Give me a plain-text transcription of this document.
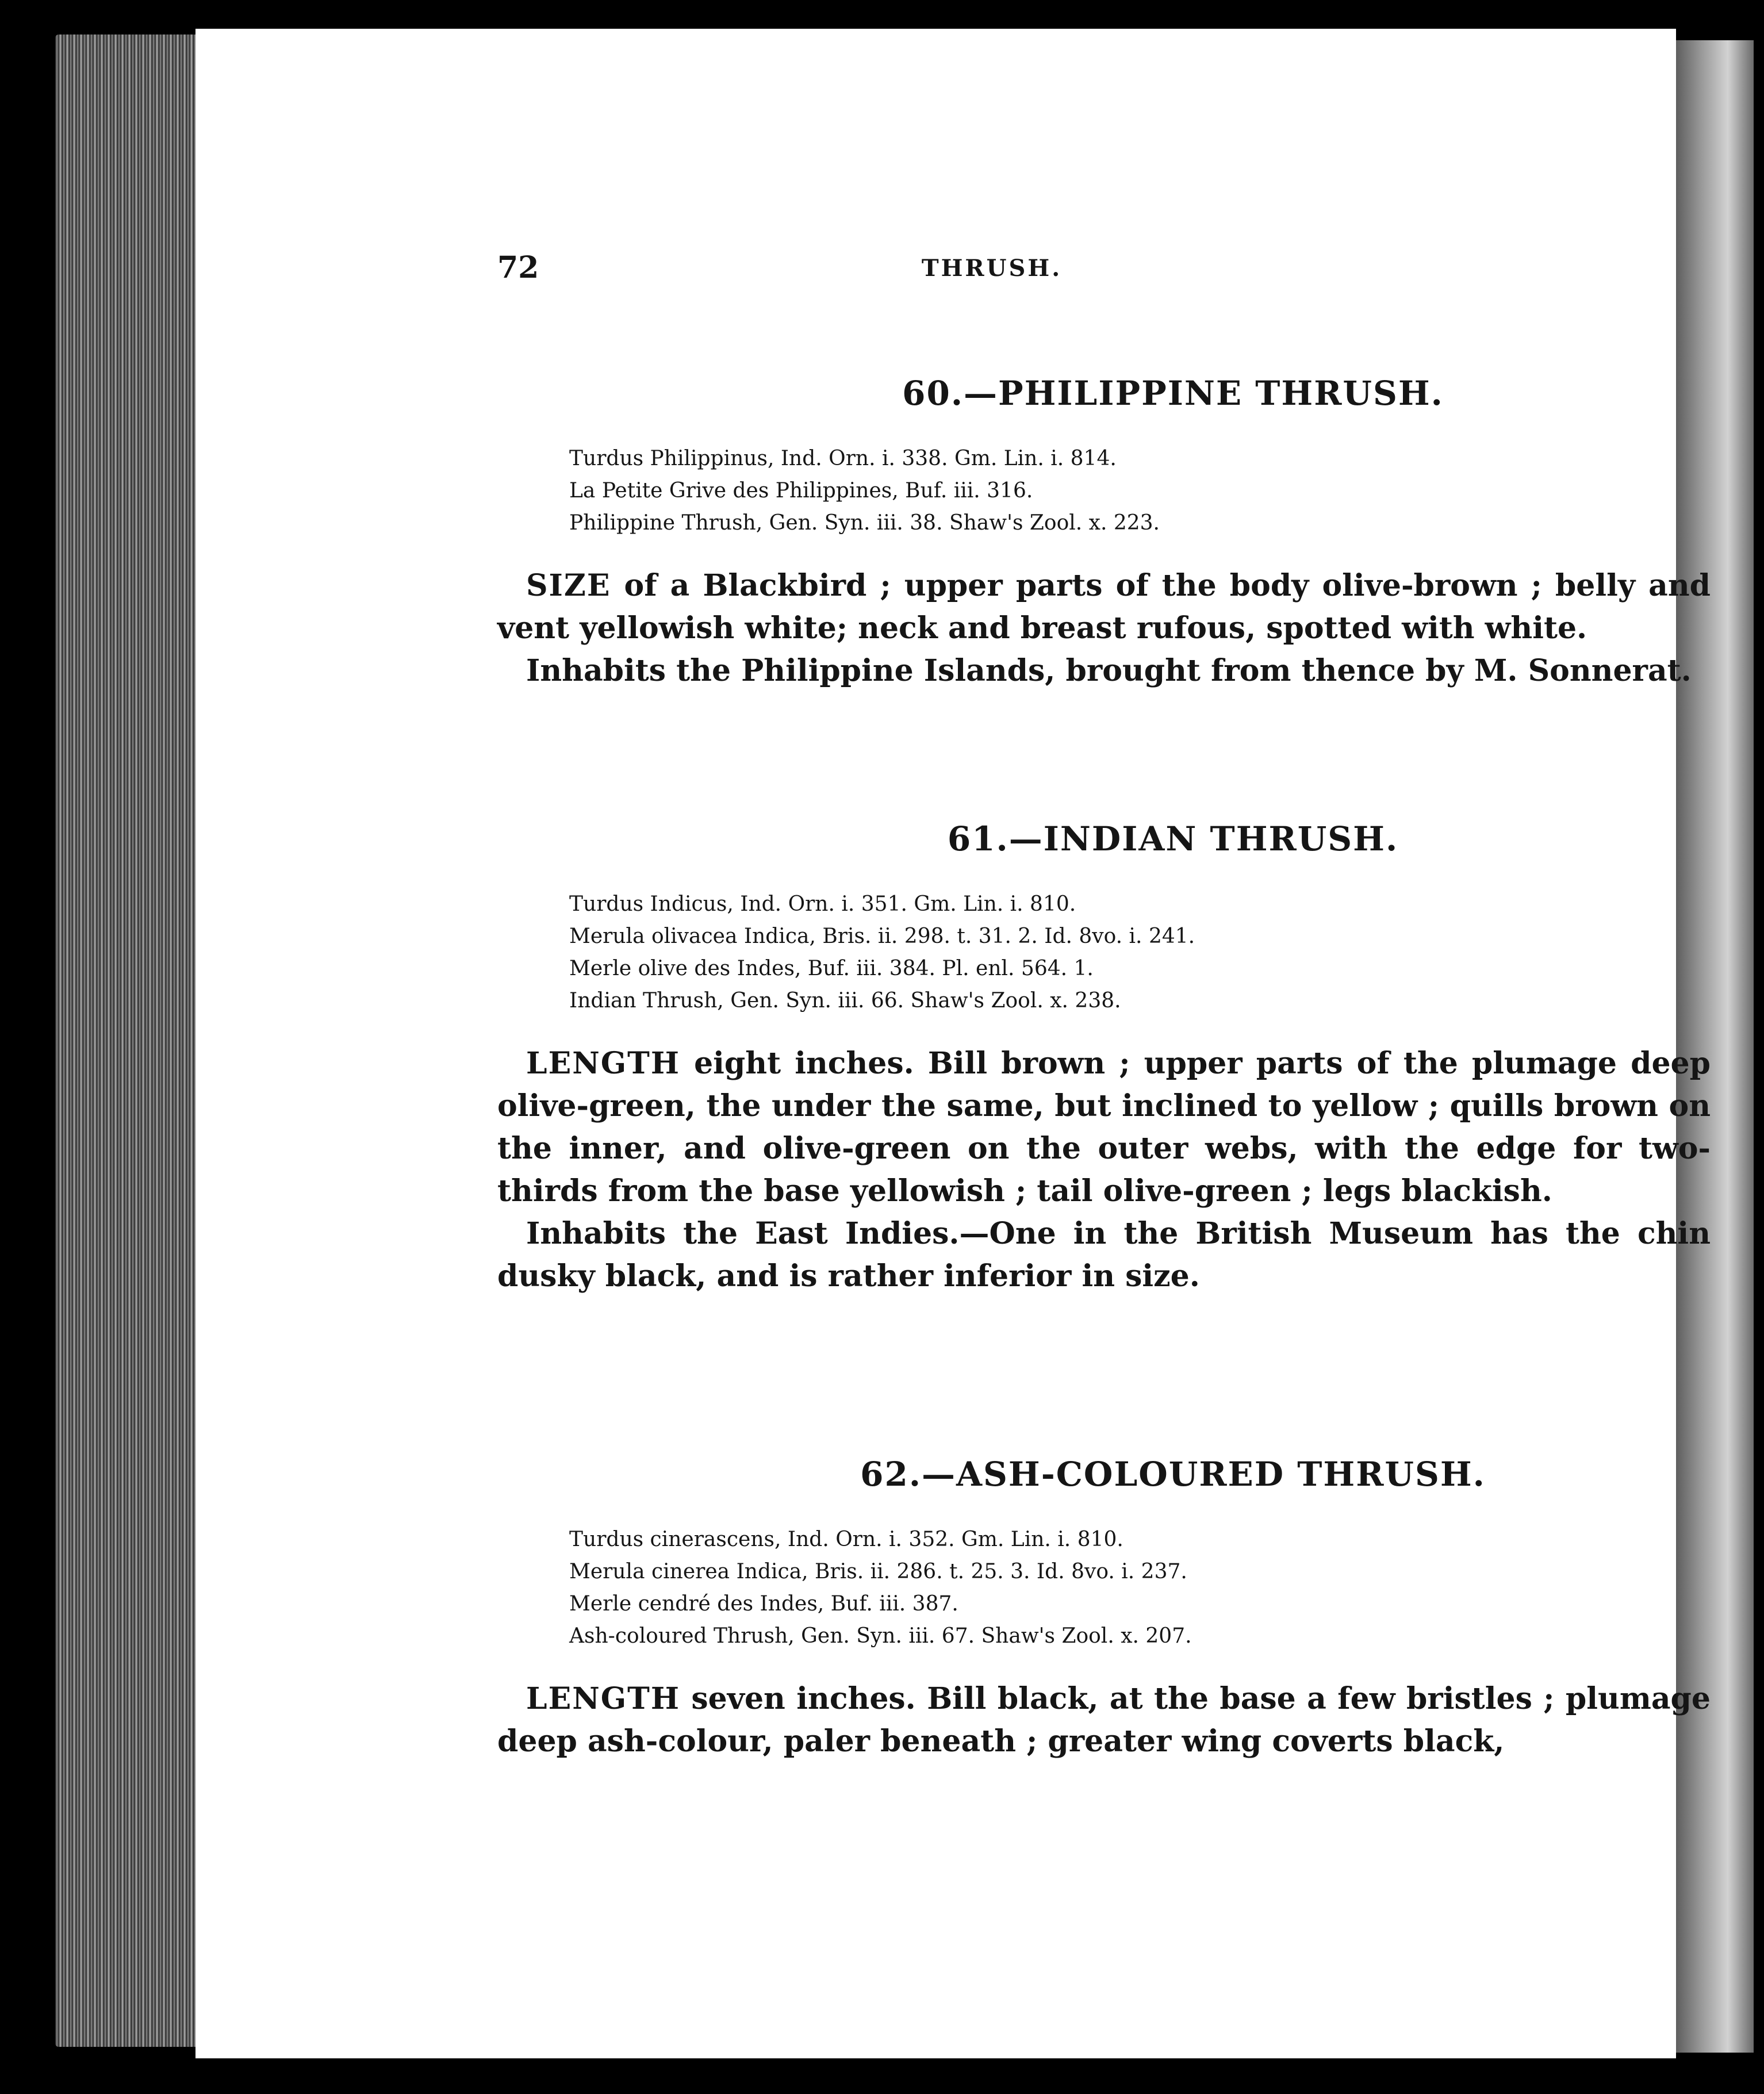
72	THRUSH.
60.—PHILIPPINE THRUSH.
Turdus Philippinus, Ind. Orn. i. 338. Gm. Lin. i. 814.
La Petite Grive des Philippines, Buf. iii. 316.
Philippine Thrush, Gen. Syn. iii. 38. Shaw's Zool. x. 223.

SIZE of a Blackbird ; upper parts of the body olive-brown ; belly and vent yellowish white; neck and breast rufous, spotted with white.

Inhabits the Philippine Islands, brought from thence by M. Sonnerat.

61.—INDIAN THRUSH.
Turdus Indicus, Ind. Orn. i. 351. Gm. Lin. i. 810.
Merula olivacea Indica, Bris. ii. 298. t. 31. 2. Id. 8vo. i. 241.
Merle olive des Indes, Buf. iii. 384. Pl. enl. 564. 1.
Indian Thrush, Gen. Syn. iii. 66. Shaw's Zool. x. 238.

LENGTH eight inches. Bill brown ; upper parts of the plumage deep olive-green, the under the same, but inclined to yellow ; quills brown on the inner, and olive-green on the outer webs, with the edge for two-thirds from the base yellowish ; tail olive-green ; legs blackish.

Inhabits the East Indies.—One in the British Museum has the chin dusky black, and is rather inferior in size.

62.—ASH-COLOURED THRUSH.
Turdus cinerascens, Ind. Orn. i. 352. Gm. Lin. i. 810.
Merula cinerea Indica, Bris. ii. 286. t. 25. 3. Id. 8vo. i. 237.
Merle cendré des Indes, Buf. iii. 387.
Ash-coloured Thrush, Gen. Syn. iii. 67. Shaw's Zool. x. 207.

LENGTH seven inches. Bill black, at the base a few bristles ; plumage deep ash-colour, paler beneath ; greater wing coverts black,
